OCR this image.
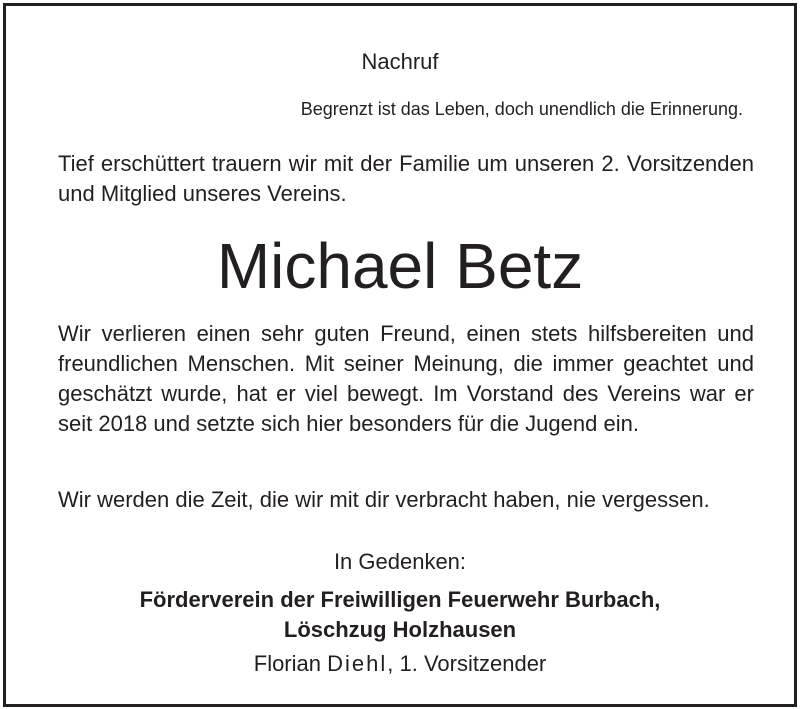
Nachruf
Begrenzt ist das Leben, doch unendlich die Erinnerung.

Tief erschüttert trauern wir mit der Familie um unseren 2. Vorsitzenden und Mitglied unseres Vereins.

Michael Betz

Wir verlieren einen sehr guten Freund, einen stets hilfsbereiten und freundlichen Menschen. Mit seiner Meinung, die immer geachtet und geschätzt wurde, hat er viel bewegt. Im Vorstand des Vereins war er seit 2018 und setzte sich hier besonders für die Jugend ein.

Wir werden die Zeit, die wir mit dir verbracht haben, nie vergessen.

In Gedenken:
Förderverein der Freiwilligen Feuerwehr Burbach,
Löschzug Holzhausen
Florian Diehl, 1. Vorsitzender
